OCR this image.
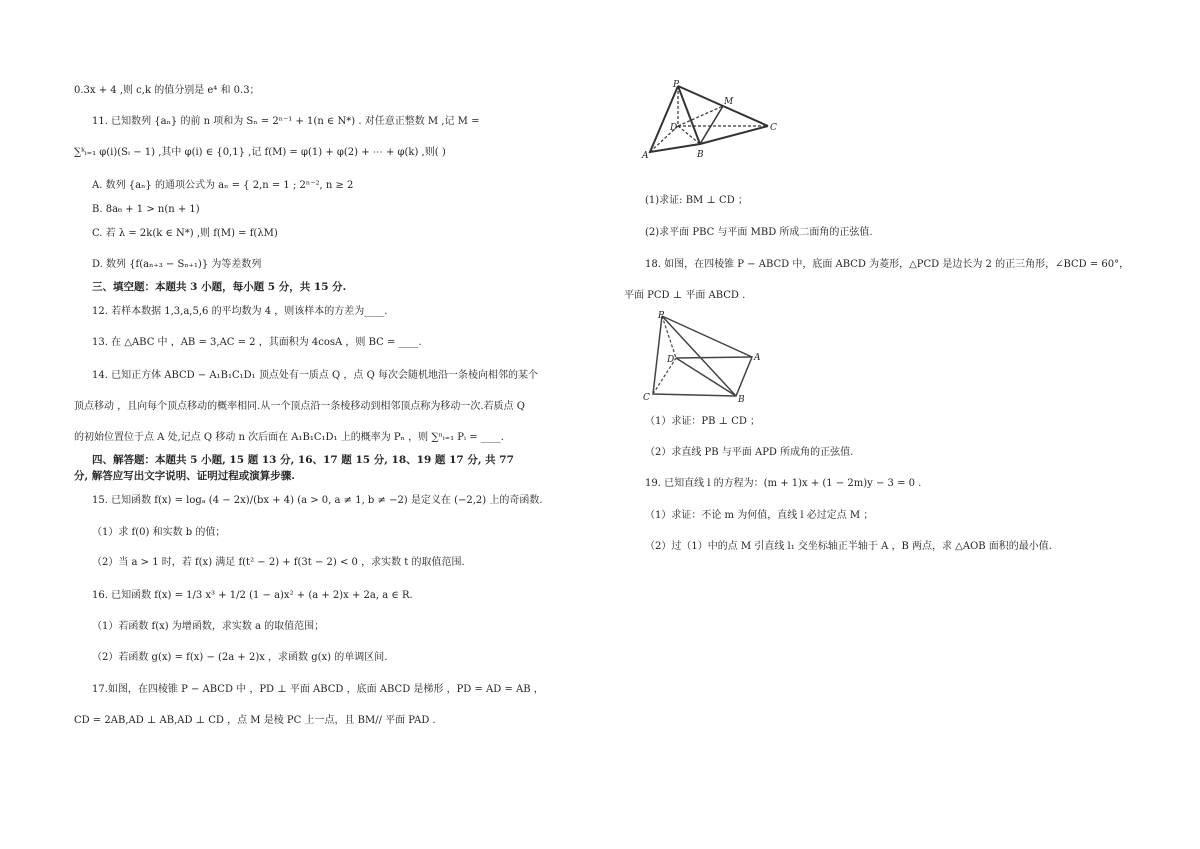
0.3x + 4 ,则 c,k 的值分别是 e⁴ 和 0.3；
11. 已知数列 {aₙ} 的前 n 项和为 Sₙ = 2ⁿ⁻¹ + 1(n ∈ N*) . 对任意正整数 M ,记 M =
∑ᵏᵢ₌₁ φ(i)(Sᵢ − 1) ,其中 φ(i) ∈ {0,1} ,记 f(M) = φ(1) + φ(2) + ⋯ + φ(k) ,则( )
A. 数列 {aₙ} 的通项公式为 aₙ = { 2,n = 1 ; 2ⁿ⁻², n ≥ 2
B. 8a₆ + 1 > n(n + 1)
C. 若 λ = 2k(k ∈ N*) ,则 f(M) = f(λM)
D. 数列 {f(aₙ₊₃ − Sₙ₊₁)} 为等差数列
三、填空题：本题共 3 小题，每小题 5 分，共 15 分.
12. 若样本数据 1,3,a,5,6 的平均数为 4 ，则该样本的方差为____.
13. 在 △ABC 中 ，AB = 3,AC = 2 ，其面积为 4cosA ，则 BC = ____.
14. 已知正方体 ABCD − A₁B₁C₁D₁ 顶点处有一质点 Q ，点 Q 每次会随机地沿一条棱向相邻的某个
顶点移动 ，且向每个顶点移动的概率相同.从一个顶点沿一条棱移动到相邻顶点称为移动一次.若质点 Q
的初始位置位于点 A 处,记点 Q 移动 n 次后面在 A₁B₁C₁D₁ 上的概率为 Pₙ ，则 ∑ⁿᵢ₌₁ Pᵢ = ____.
四、解答题：本题共 5 小题, 15 题 13 分, 16、17 题 15 分, 18、19 题 17 分, 共 77
分, 解答应写出文字说明、证明过程或演算步骤.
15. 已知函数 f(x) = logₐ (4 − 2x)/(bx + 4) (a > 0, a ≠ 1, b ≠ −2) 是定义在 (−2,2) 上的奇函数.
（1）求 f(0) 和实数 b 的值；
（2）当 a > 1 时，若 f(x) 满足 f(t² − 2) + f(3t − 2) < 0 ，求实数 t 的取值范围.
16. 已知函数 f(x) = 1/3 x³ + 1/2 (1 − a)x² + (a + 2)x + 2a, a ∈ R.
（1）若函数 f(x) 为增函数，求实数 a 的取值范围；
（2）若函数 g(x) = f(x) − (2a + 2)x ，求函数 g(x) 的单调区间.
17.如图，在四棱锥 P − ABCD 中 ，PD ⊥ 平面 ABCD ，底面 ABCD 是梯形 ，PD = AD = AB ，
CD = 2AB,AD ⊥ AB,AD ⊥ CD ，点 M 是棱 PC 上一点，且 BM// 平面 PAD .
P
M
D
A	B
C
(1)求证: BM ⊥ CD ；
(2)求平面 PBC 与平面 MBD 所成二面角的正弦值.
18. 如图，在四棱锥 P − ABCD 中，底面 ABCD 为菱形，△PCD 是边长为 2 的正三角形，∠BCD = 60°，
平面 PCD ⊥ 平面 ABCD .
P
D	A
C	B
（1）求证：PB ⊥ CD ；
（2）求直线 PB 与平面 APD 所成角的正弦值.
19. 已知直线 l 的方程为：(m + 1)x + (1 − 2m)y − 3 = 0 .
（1）求证：不论 m 为何值，直线 l 必过定点 M ；
（2）过（1）中的点 M 引直线 l₁ 交坐标轴正半轴于 A ，B 两点，求 △AOB 面积的最小值.
